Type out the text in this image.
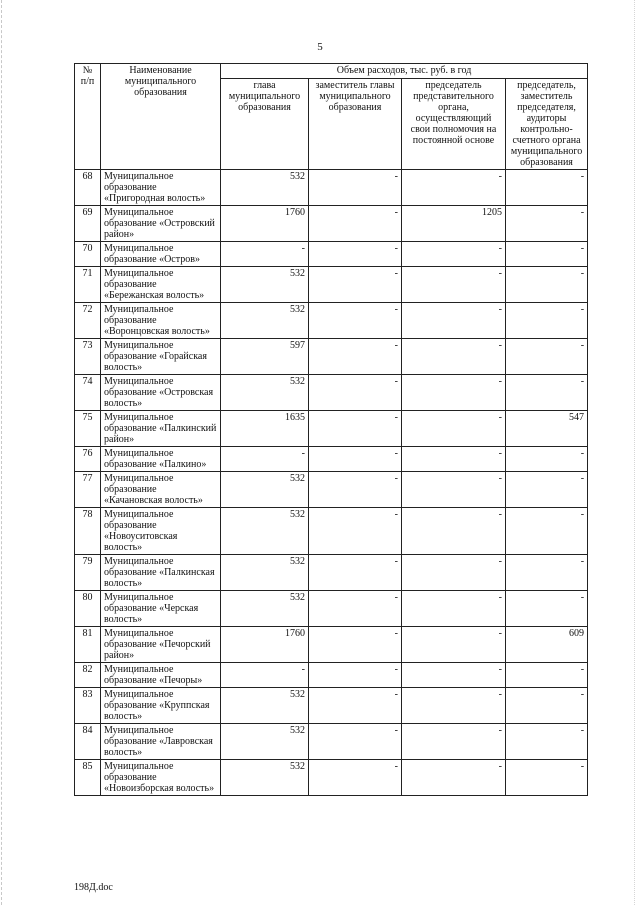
5
№ п/п	Наименование муниципального образования	Объем расходов, тыс. руб. в год			
		глава муниципального образования	заместитель главы муниципального образования	председатель представительного органа, осуществляющий свои полномочия на постоянной основе	председатель, заместитель председателя, аудиторы контрольно-счетного органа муниципального образования
68	Муниципальное образование «Пригородная волость»	532	-	-	-
69	Муниципальное образование «Островский район»	1760	-	1205	-
70	Муниципальное образование «Остров»	-	-	-	-
71	Муниципальное образование «Бережанская волость»	532	-	-	-
72	Муниципальное образование «Воронцовская волость»	532	-	-	-
73	Муниципальное образование «Горайская волость»	597	-	-	-
74	Муниципальное образование «Островская волость»	532	-	-	-
75	Муниципальное образование «Палкинский район»	1635	-	-	547
76	Муниципальное образование «Палкино»	-	-	-	-
77	Муниципальное образование «Качановская волость»	532	-	-	-
78	Муниципальное образование «Новоуситовская волость»	532	-	-	-
79	Муниципальное образование «Палкинская волость»	532	-	-	-
80	Муниципальное образование «Черская волость»	532	-	-	-
81	Муниципальное образование «Печорский район»	1760	-	-	609
82	Муниципальное образование «Печоры»	-	-	-	-
83	Муниципальное образование «Круппская волость»	532	-	-	-
84	Муниципальное образование «Лавровская волость»	532	-	-	-
85	Муниципальное образование «Новоизборская волость»	532	-	-	-
198Д.doc
